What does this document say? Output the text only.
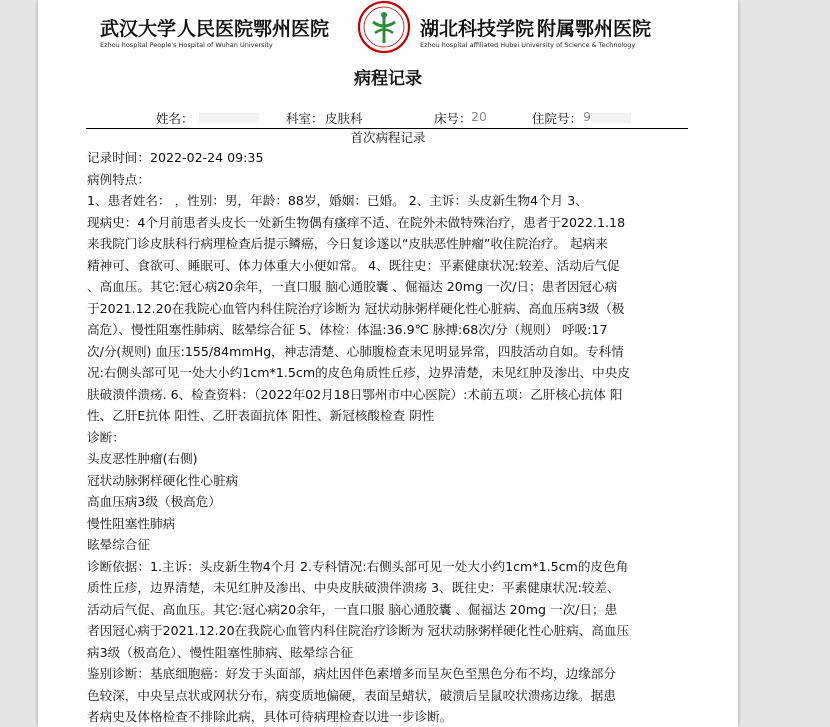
武汉大学 人民医院鄂州医院
Ezhou hospital People's Hospital of Wuhan University
湖北科技学院 附属鄂州医院
Ezhou hospital affiliated Hubei University of Science & Technology
病程记录
姓名：	科室： 皮肤科	床号： 20	住院号： 9
首次病程记录
记录时间：2022-02-24 09:35
病例特点：
1、患者姓名： ，性别：男，年龄：88岁，婚姻：已婚。 2、主诉：头皮新生物4个月 3、
现病史：4个月前患者头皮长一处新生物偶有瘙痒不适、在院外未做特殊治疗，患者于2022.1.18
来我院门诊皮肤科行病理检查后提示鳞癌，今日复诊遂以“皮肤恶性肿瘤”收住院治疗。 起病来
精神可、食欲可、睡眠可、体力体重大小便如常。 4、既往史：平素健康状况:较差、活动后气促
、高血压。其它:冠心病20余年，一直口服 脑心通胶囊 、倔福达 20mg 一次/日；患者因冠心病
于2021.12.20在我院心血管内科住院治疗诊断为 冠状动脉粥样硬化性心脏病、高血压病3级（极
高危）、慢性阻塞性肺病、眩晕综合征 5、体检：体温:36.9℃ 脉搏:68次/分（规则） 呼吸:17
次/分(规则) 血压:155/84mmHg，神志清楚、心肺腹检查未见明显异常，四肢活动自如。专科情
况:右侧头部可见一处大小约1cm*1.5cm的皮色角质性丘疹，边界清楚，未见红肿及渗出、中央皮
肤破溃伴溃疡. 6、检查资料：（2022年02月18日鄂州市中心医院）:术前五项：乙肝核心抗体 阳
性、乙肝E抗体 阳性、乙肝表面抗体 阳性、新冠核酸检查 阴性
诊断：
头皮恶性肿瘤(右侧)
冠状动脉粥样硬化性心脏病
高血压病3级（极高危）
慢性阻塞性肺病
眩晕综合征
诊断依据：1.主诉：头皮新生物4个月 2.专科情况:右侧头部可见一处大小约1cm*1.5cm的皮色角
质性丘疹，边界清楚，未见红肿及渗出、中央皮肤破溃伴溃疡 3、既往史：平素健康状况:较差、
活动后气促、高血压。其它:冠心病20余年，一直口服 脑心通胶囊 、倔福达 20mg 一次/日；患
者因冠心病于2021.12.20在我院心血管内科住院治疗诊断为 冠状动脉粥样硬化性心脏病、高血压
病3级（极高危）、慢性阻塞性肺病、眩晕综合征
鉴别诊断：基底细胞癌：好发于头面部，病灶因伴色素增多而呈灰色至黑色分布不均，边缘部分
色较深，中央呈点状或网状分布，病变质地偏硬，表面呈蜡状，破溃后呈鼠咬状溃疡边缘。据患
者病史及体格检查不排除此病，具体可待病理检查以进一步诊断。
